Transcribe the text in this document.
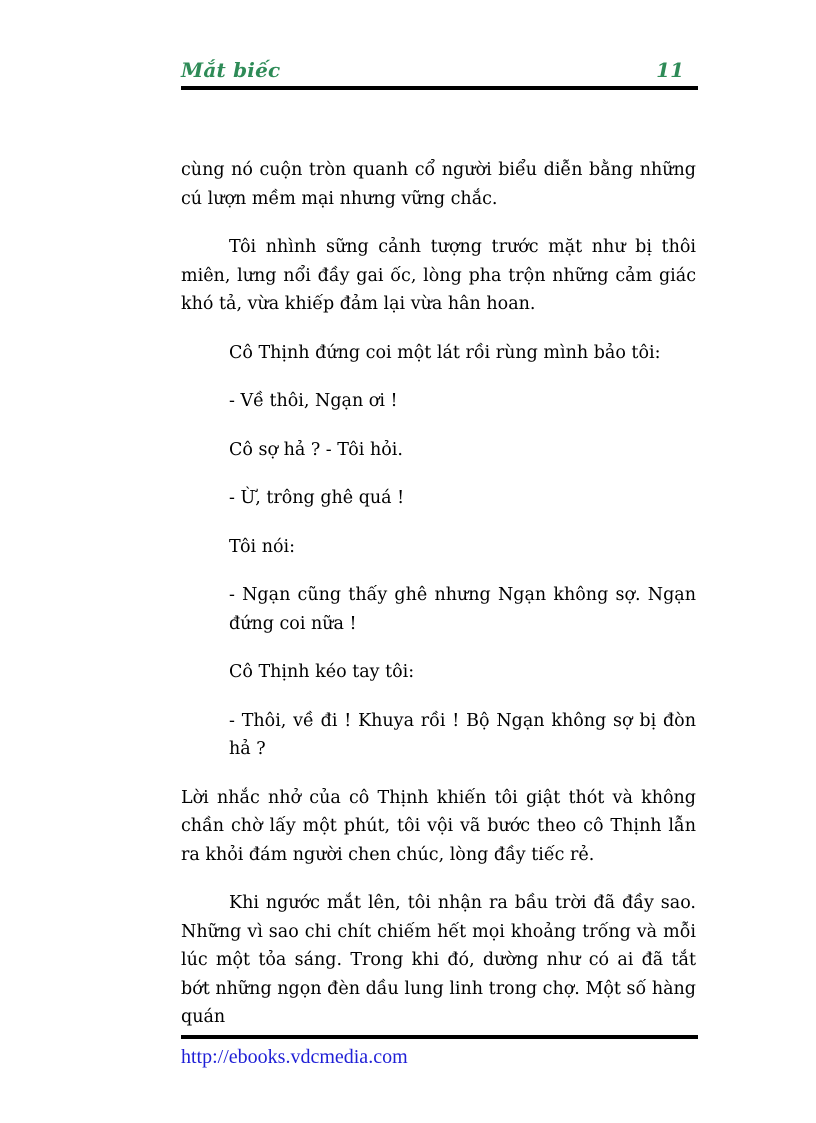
Mắt biếc	11

cùng nó cuộn tròn quanh cổ người biểu diễn bằng những cú lượn mềm mại nhưng vững chắc.

Tôi nhình sững cảnh tượng trước mặt như bị thôi miên, lưng nổi đầy gai ốc, lòng pha trộn những cảm giác khó tả, vừa khiếp đảm lại vừa hân hoan.

Cô Thịnh đứng coi một lát rồi rùng mình bảo tôi:

- Về thôi, Ngạn ơi !

Cô sợ hả ? - Tôi hỏi.

- Ừ, trông ghê quá !

Tôi nói:

- Ngạn cũng thấy ghê nhưng Ngạn không sợ. Ngạn đứng coi nữa !

Cô Thịnh kéo tay tôi:

- Thôi, về đi ! Khuya rồi ! Bộ Ngạn không sợ bị đòn hả ?

Lời nhắc nhở của cô Thịnh khiến tôi giật thót và không chần chờ lấy một phút, tôi vội vã bước theo cô Thịnh lẫn ra khỏi đám người chen chúc, lòng đầy tiếc rẻ.

Khi ngước mắt lên, tôi nhận ra bầu trời đã đầy sao. Những vì sao chi chít chiếm hết mọi khoảng trống và mỗi lúc một tỏa sáng. Trong khi đó, dường như có ai đã tắt bớt những ngọn đèn dầu lung linh trong chợ. Một số hàng quán

http://ebooks.vdcmedia.com
